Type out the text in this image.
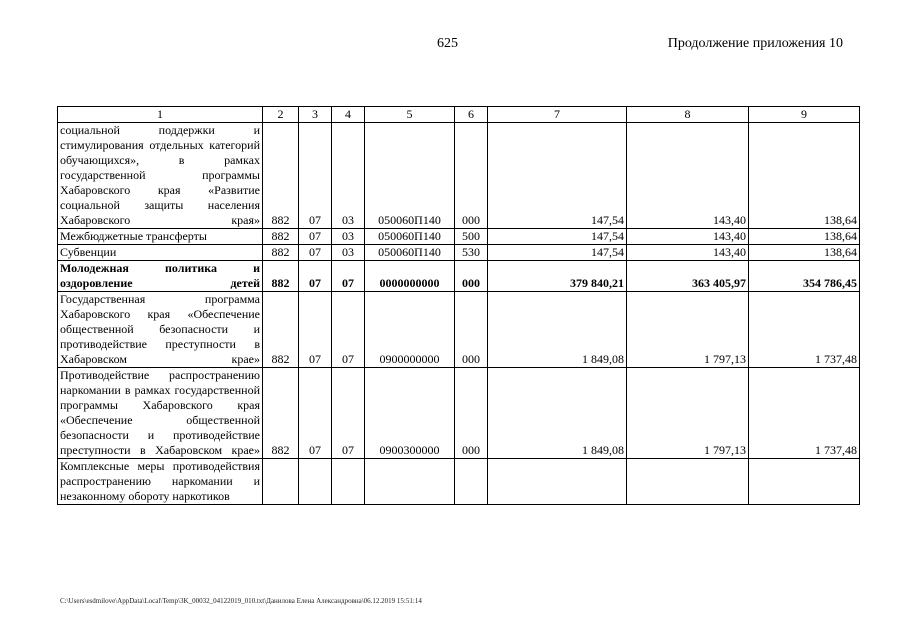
625	Продолжение приложения 10
1	2	3	4	5	6	7	8	9
социальной поддержки и стимулирования отдельных категорий обучающихся», в рамках государственной программы Хабаровского края «Развитие социальной защиты населения Хабаровского края»	882	07	03	050060П140	000	147,54	143,40	138,64
Межбюджетные трансферты	882	07	03	050060П140	500	147,54	143,40	138,64
Субвенции	882	07	03	050060П140	530	147,54	143,40	138,64
Молодежная политика и оздоровление детей	882	07	07	0000000000	000	379 840,21	363 405,97	354 786,45
Государственная программа Хабаровского края «Обеспечение общественной безопасности и противодействие преступности в Хабаровском крае»	882	07	07	0900000000	000	1 849,08	1 797,13	1 737,48
Противодействие распространению наркомании в рамках государственной программы Хабаровского края «Обеспечение общественной безопасности и противодействие преступности в Хабаровском крае»	882	07	07	0900300000	000	1 849,08	1 797,13	1 737,48
Комплексные меры противодействия распространению наркомании и незаконному обороту наркотиков								
C:\Users\esdmilove\AppData\Local\Temp\3K_00032_04122019_010.txt\Данилова Елена Александровна\06.12.2019 15:51:14
